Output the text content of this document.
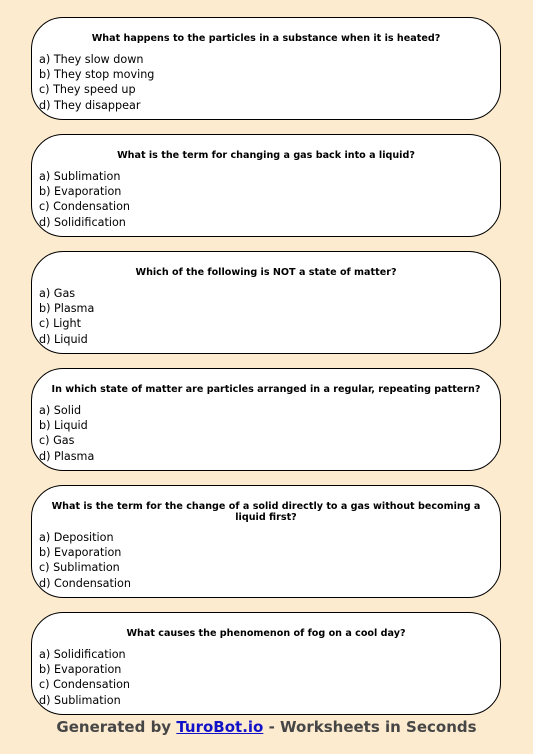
What happens to the particles in a substance when it is heated?
a) They slow down
b) They stop moving
c) They speed up
d) They disappear
What is the term for changing a gas back into a liquid?
a) Sublimation
b) Evaporation
c) Condensation
d) Solidification
Which of the following is NOT a state of matter?
a) Gas
b) Plasma
c) Light
d) Liquid
In which state of matter are particles arranged in a regular, repeating pattern?
a) Solid
b) Liquid
c) Gas
d) Plasma
What is the term for the change of a solid directly to a gas without becoming a liquid first?
a) Deposition
b) Evaporation
c) Sublimation
d) Condensation
What causes the phenomenon of fog on a cool day?
a) Solidification
b) Evaporation
c) Condensation
d) Sublimation
Generated by TuroBot.io - Worksheets in Seconds
